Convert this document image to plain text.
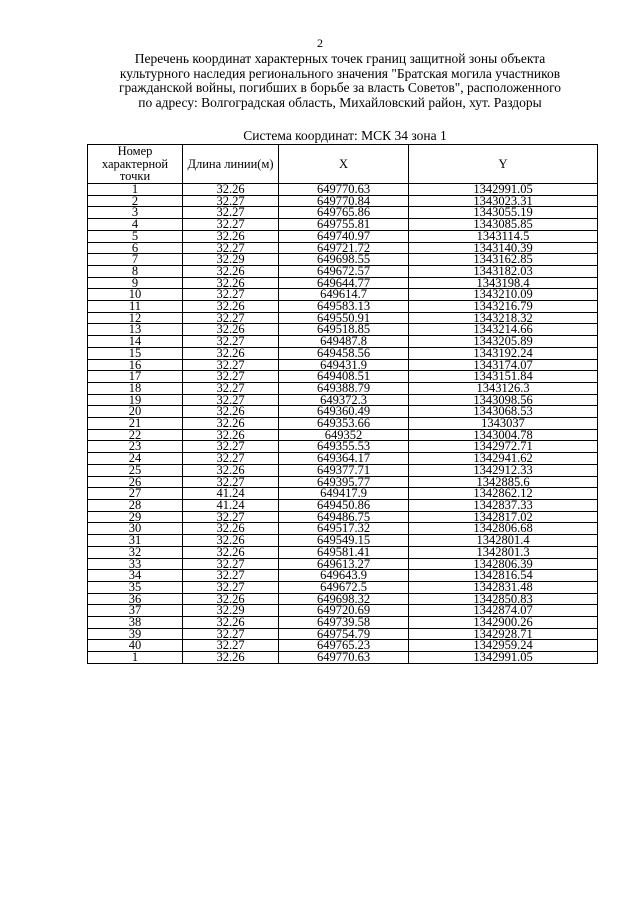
2
Перечень координат характерных точек границ защитной зоны объекта
культурного наследия регионального значения "Братская могила участников
гражданской войны, погибших в борьбе за власть Советов", расположенного
по адресу: Волгоградская область, Михайловский район, хут. Раздоры
Система координат: МСК 34 зона 1
Номер характерной точки	Длина линии(м)	X	Y
1	32.26	649770.63	1342991.05
2	32.27	649770.84	1343023.31
3	32.27	649765.86	1343055.19
4	32.27	649755.81	1343085.85
5	32.26	649740.97	1343114.5
6	32.27	649721.72	1343140.39
7	32.29	649698.55	1343162.85
8	32.26	649672.57	1343182.03
9	32.26	649644.77	1343198.4
10	32.27	649614.7	1343210.09
11	32.26	649583.13	1343216.79
12	32.27	649550.91	1343218.32
13	32.26	649518.85	1343214.66
14	32.27	649487.8	1343205.89
15	32.26	649458.56	1343192.24
16	32.27	649431.9	1343174.07
17	32.27	649408.51	1343151.84
18	32.27	649388.79	1343126.3
19	32.27	649372.3	1343098.56
20	32.26	649360.49	1343068.53
21	32.26	649353.66	1343037
22	32.26	649352	1343004.78
23	32.27	649355.53	1342972.71
24	32.27	649364.17	1342941.62
25	32.26	649377.71	1342912.33
26	32.27	649395.77	1342885.6
27	41.24	649417.9	1342862.12
28	41.24	649450.86	1342837.33
29	32.27	649486.75	1342817.02
30	32.26	649517.32	1342806.68
31	32.26	649549.15	1342801.4
32	32.26	649581.41	1342801.3
33	32.27	649613.27	1342806.39
34	32.27	649643.9	1342816.54
35	32.27	649672.5	1342831.48
36	32.26	649698.32	1342850.83
37	32.29	649720.69	1342874.07
38	32.26	649739.58	1342900.26
39	32.27	649754.79	1342928.71
40	32.27	649765.23	1342959.24
1	32.26	649770.63	1342991.05
